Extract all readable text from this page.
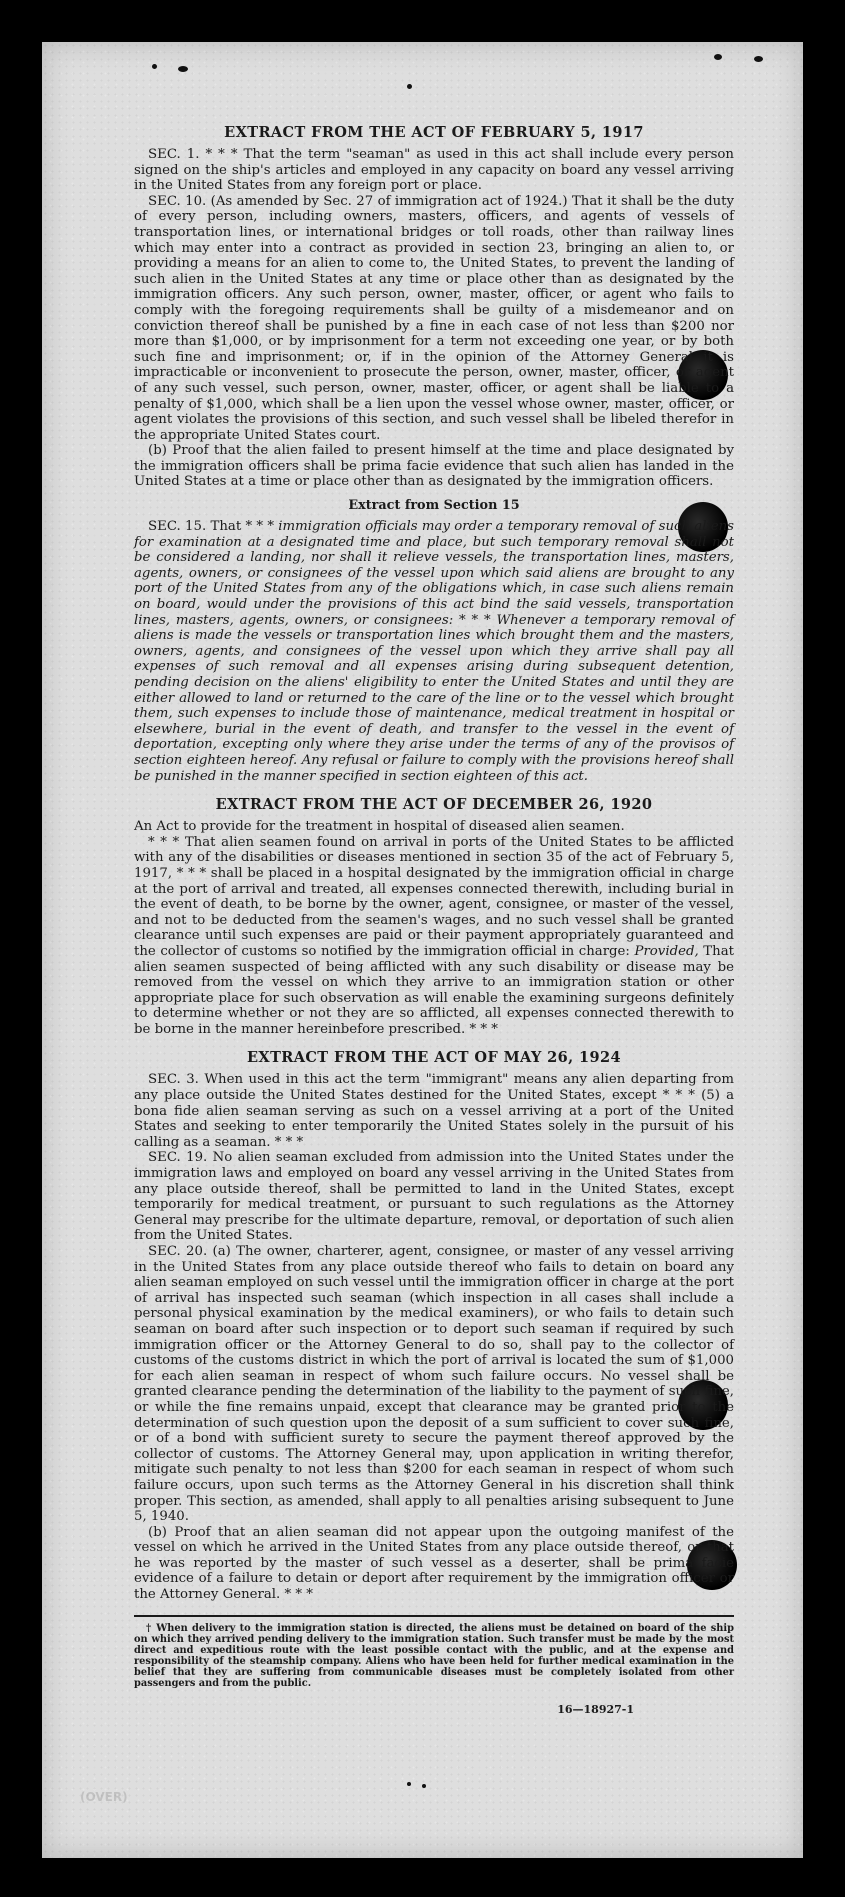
(OVER)
EXTRACT FROM THE ACT OF FEBRUARY 5, 1917

SEC. 1. * * * That the term "seaman" as used in this act shall include every person signed on the ship's articles and employed in any capacity on board any vessel arriving in the United States from any foreign port or place.

SEC. 10. (As amended by Sec. 27 of immigration act of 1924.) That it shall be the duty of every person, including owners, masters, officers, and agents of vessels of transportation lines, or international bridges or toll roads, other than railway lines which may enter into a contract as provided in section 23, bringing an alien to, or providing a means for an alien to come to, the United States, to prevent the landing of such alien in the United States at any time or place other than as designated by the immigration officers. Any such person, owner, master, officer, or agent who fails to comply with the foregoing requirements shall be guilty of a misdemeanor and on conviction thereof shall be punished by a fine in each case of not less than $200 nor more than $1,000, or by imprisonment for a term not exceeding one year, or by both such fine and imprisonment; or, if in the opinion of the Attorney General it is impracticable or inconvenient to prosecute the person, owner, master, officer, or agent of any such vessel, such person, owner, master, officer, or agent shall be liable to a penalty of $1,000, which shall be a lien upon the vessel whose owner, master, officer, or agent violates the provisions of this section, and such vessel shall be libeled therefor in the appropriate United States court.

(b) Proof that the alien failed to present himself at the time and place designated by the immigration officers shall be prima facie evidence that such alien has landed in the United States at a time or place other than as designated by the immigration officers.

Extract from Section 15

SEC. 15. That * * * immigration officials may order a temporary removal of such aliens for examination at a designated time and place, but such temporary removal shall not be considered a landing, nor shall it relieve vessels, the transportation lines, masters, agents, owners, or consignees of the vessel upon which said aliens are brought to any port of the United States from any of the obligations which, in case such aliens remain on board, would under the provisions of this act bind the said vessels, transportation lines, masters, agents, owners, or consignees: * * * Whenever a temporary removal of aliens is made the vessels or transportation lines which brought them and the masters, owners, agents, and consignees of the vessel upon which they arrive shall pay all expenses of such removal and all expenses arising during subsequent detention, pending decision on the aliens' eligibility to enter the United States and until they are either allowed to land or returned to the care of the line or to the vessel which brought them, such expenses to include those of maintenance, medical treatment in hospital or elsewhere, burial in the event of death, and transfer to the vessel in the event of deportation, excepting only where they arise under the terms of any of the provisos of section eighteen hereof. Any refusal or failure to comply with the provisions hereof shall be punished in the manner specified in section eighteen of this act.

EXTRACT FROM THE ACT OF DECEMBER 26, 1920

An Act to provide for the treatment in hospital of diseased alien seamen.

* * * That alien seamen found on arrival in ports of the United States to be afflicted with any of the disabilities or diseases mentioned in section 35 of the act of February 5, 1917, * * * shall be placed in a hospital designated by the immigration official in charge at the port of arrival and treated, all expenses connected therewith, including burial in the event of death, to be borne by the owner, agent, consignee, or master of the vessel, and not to be deducted from the seamen's wages, and no such vessel shall be granted clearance until such expenses are paid or their payment appropriately guaranteed and the collector of customs so notified by the immigration official in charge: Provided, That alien seamen suspected of being afflicted with any such disability or disease may be removed from the vessel on which they arrive to an immigration station or other appropriate place for such observation as will enable the examining surgeons definitely to determine whether or not they are so afflicted, all expenses connected therewith to be borne in the manner hereinbefore prescribed. * * *

EXTRACT FROM THE ACT OF MAY 26, 1924

SEC. 3. When used in this act the term "immigrant" means any alien departing from any place outside the United States destined for the United States, except * * * (5) a bona fide alien seaman serving as such on a vessel arriving at a port of the United States and seeking to enter temporarily the United States solely in the pursuit of his calling as a seaman. * * *

SEC. 19. No alien seaman excluded from admission into the United States under the immigration laws and employed on board any vessel arriving in the United States from any place outside thereof, shall be permitted to land in the United States, except temporarily for medical treatment, or pursuant to such regulations as the Attorney General may prescribe for the ultimate departure, removal, or deportation of such alien from the United States.

SEC. 20. (a) The owner, charterer, agent, consignee, or master of any vessel arriving in the United States from any place outside thereof who fails to detain on board any alien seaman employed on such vessel until the immigration officer in charge at the port of arrival has inspected such seaman (which inspection in all cases shall include a personal physical examination by the medical examiners), or who fails to detain such seaman on board after such inspection or to deport such seaman if required by such immigration officer or the Attorney General to do so, shall pay to the collector of customs of the customs district in which the port of arrival is located the sum of $1,000 for each alien seaman in respect of whom such failure occurs. No vessel shall be granted clearance pending the determination of the liability to the payment of such fine, or while the fine remains unpaid, except that clearance may be granted prior to the determination of such question upon the deposit of a sum sufficient to cover such fine, or of a bond with sufficient surety to secure the payment thereof approved by the collector of customs. The Attorney General may, upon application in writing therefor, mitigate such penalty to not less than $200 for each seaman in respect of whom such failure occurs, upon such terms as the Attorney General in his discretion shall think proper. This section, as amended, shall apply to all penalties arising subsequent to June 5, 1940.

(b) Proof that an alien seaman did not appear upon the outgoing manifest of the vessel on which he arrived in the United States from any place outside thereof, or that he was reported by the master of such vessel as a deserter, shall be prima facie evidence of a failure to detain or deport after requirement by the immigration officer or the Attorney General. * * *

† When delivery to the immigration station is directed, the aliens must be detained on board of the ship on which they arrived pending delivery to the immigration station. Such transfer must be made by the most direct and expeditious route with the least possible contact with the public, and at the expense and responsibility of the steamship company. Aliens who have been held for further medical examination in the belief that they are suffering from communicable diseases must be completely isolated from other passengers and from the public.

16—18927-1
